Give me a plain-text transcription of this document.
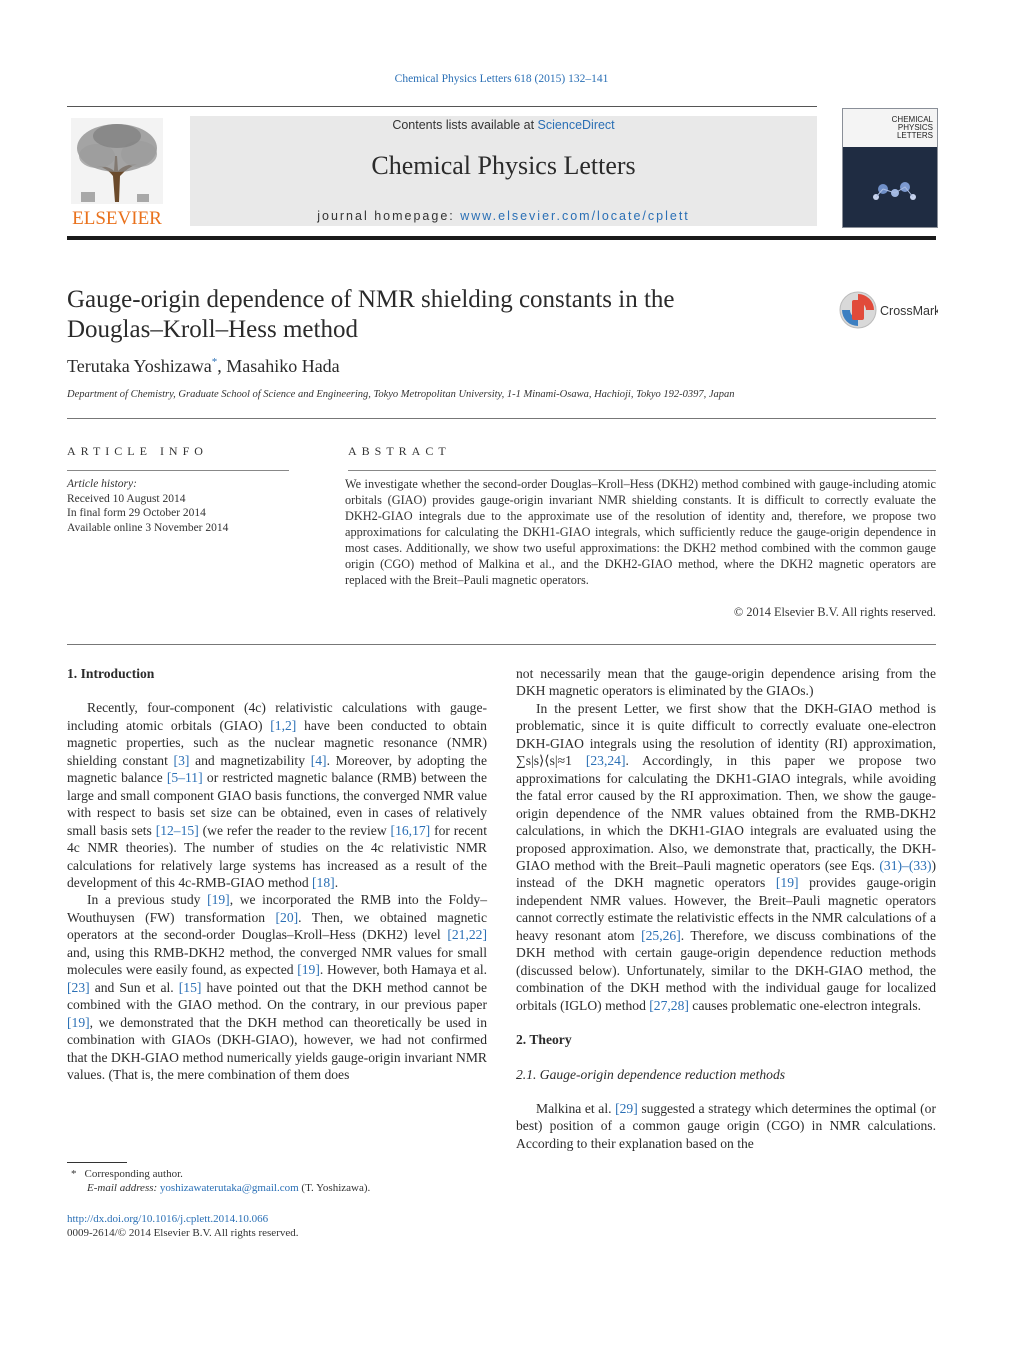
Chemical Physics Letters 618 (2015) 132–141
ELSEVIER
Contents lists available at ScienceDirect
Chemical Physics Letters
journal homepage: www.elsevier.com/locate/cplett
CHEMICAL PHYSICS LETTERS
Gauge-origin dependence of NMR shielding constants in the
Douglas–Kroll–Hess method
CrossMark
Terutaka Yoshizawa*, Masahiko Hada
Department of Chemistry, Graduate School of Science and Engineering, Tokyo Metropolitan University, 1-1 Minami-Osawa, Hachioji, Tokyo 192-0397, Japan
ARTICLE INFO
Article history:
Received 10 August 2014
In final form 29 October 2014
Available online 3 November 2014
ABSTRACT
We investigate whether the second-order Douglas–Kroll–Hess (DKH2) method combined with gauge-including atomic orbitals (GIAO) provides gauge-origin invariant NMR shielding constants. It is difficult to correctly evaluate the DKH2-GIAO integrals due to the approximate use of the resolution of identity and, therefore, we propose two approximations for calculating the DKH1-GIAO integrals, which sufficiently reduce the gauge-origin dependence in most cases. Additionally, we show two useful approximations: the DKH2 method combined with the common gauge origin (CGO) method of Malkina et al., and the DKH2-GIAO method, where the DKH2 magnetic operators are replaced with the Breit–Pauli magnetic operators.
© 2014 Elsevier B.V. All rights reserved.
1. Introduction

Recently, four-component (4c) relativistic calculations with gauge-including atomic orbitals (GIAO) [1,2] have been conducted to obtain magnetic properties, such as the nuclear magnetic resonance (NMR) shielding constant [3] and magnetizability [4]. Moreover, by adopting the magnetic balance [5–11] or restricted magnetic balance (RMB) between the large and small component GIAO basis functions, the converged NMR value with respect to basis set size can be obtained, even in cases of relatively small basis sets [12–15] (we refer the reader to the review [16,17] for recent 4c NMR theories). The number of studies on the 4c relativistic NMR calculations for relatively large systems has increased as a result of the development of this 4c-RMB-GIAO method [18].

In a previous study [19], we incorporated the RMB into the Foldy–Wouthuysen (FW) transformation [20]. Then, we obtained magnetic operators at the second-order Douglas–Kroll–Hess (DKH2) level [21,22] and, using this RMB-DKH2 method, the converged NMR values for small molecules were easily found, as expected [19]. However, both Hamaya et al. [23] and Sun et al. [15] have pointed out that the DKH method cannot be combined with the GIAO method. On the contrary, in our previous paper [19], we demonstrated that the DKH method can theoretically be used in combination with GIAOs (DKH-GIAO), however, we had not confirmed that the DKH-GIAO method numerically yields gauge-origin invariant NMR values. (That is, the mere combination of them does

not necessarily mean that the gauge-origin dependence arising from the DKH magnetic operators is eliminated by the GIAOs.)

In the present Letter, we first show that the DKH-GIAO method is problematic, since it is quite difficult to correctly evaluate one-electron DKH-GIAO integrals using the resolution of identity (RI) approximation, ∑s|s⟩⟨s|≈1 [23,24]. Accordingly, in this paper we propose two approximations for calculating the DKH1-GIAO integrals, while avoiding the fatal error caused by the RI approximation. Then, we show the gauge-origin dependence of the NMR values obtained from the RMB-DKH2 calculations, in which the DKH1-GIAO integrals are evaluated using the proposed approximation. Also, we demonstrate that, practically, the DKH-GIAO method with the Breit–Pauli magnetic operators (see Eqs. (31)–(33)) instead of the DKH magnetic operators [19] provides gauge-origin independent NMR values. However, the Breit–Pauli magnetic operators cannot correctly estimate the relativistic effects in the NMR calculations of a heavy resonant atom [25,26]. Therefore, we discuss combinations of the DKH method with certain gauge-origin dependence reduction methods (discussed below). Unfortunately, similar to the DKH-GIAO method, the combination of the DKH method with the individual gauge for localized orbitals (IGLO) method [27,28] causes problematic one-electron integrals.

2. Theory
2.1. Gauge-origin dependence reduction methods

Malkina et al. [29] suggested a strategy which determines the optimal (or best) position of a common gauge origin (CGO) in NMR calculations. According to their explanation based on the

* Corresponding author.
E-mail address: yoshizawaterutaka@gmail.com (T. Yoshizawa).
http://dx.doi.org/10.1016/j.cplett.2014.10.066
0009-2614/© 2014 Elsevier B.V. All rights reserved.
